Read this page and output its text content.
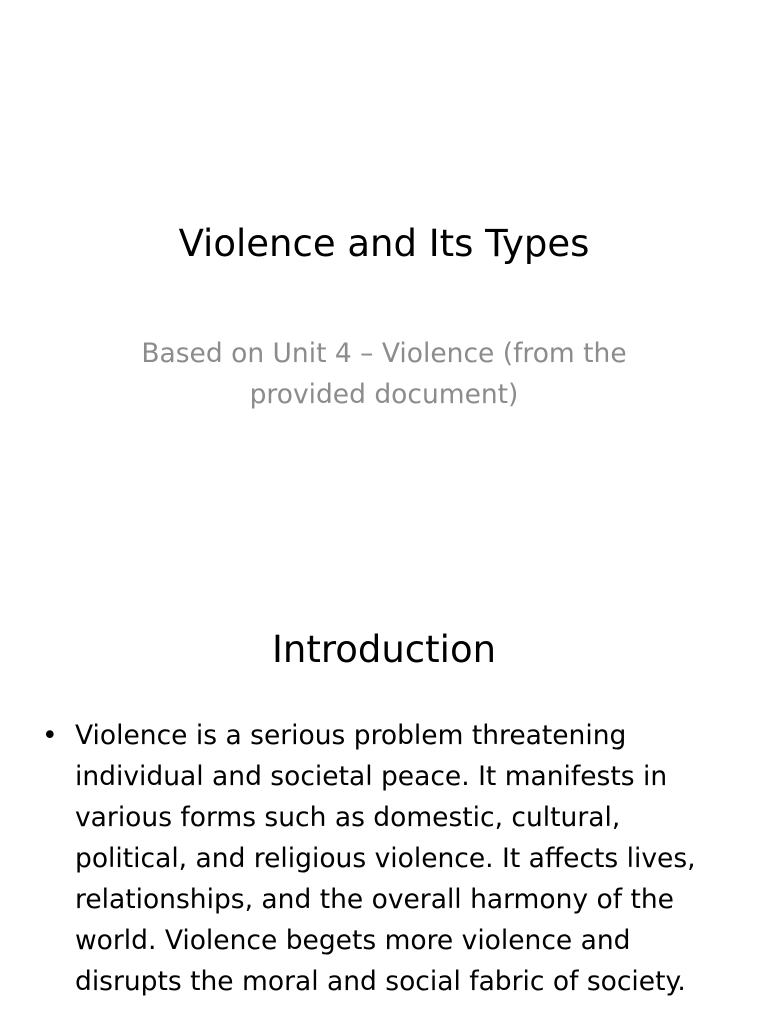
Violence and Its Types

Based on Unit 4 – Violence (from the provided document)

Introduction
• Violence is a serious problem threatening individual and societal peace. It manifests in various forms such as domestic, cultural, political, and religious violence. It affects lives, relationships, and the overall harmony of the world. Violence begets more violence and disrupts the moral and social fabric of society.
